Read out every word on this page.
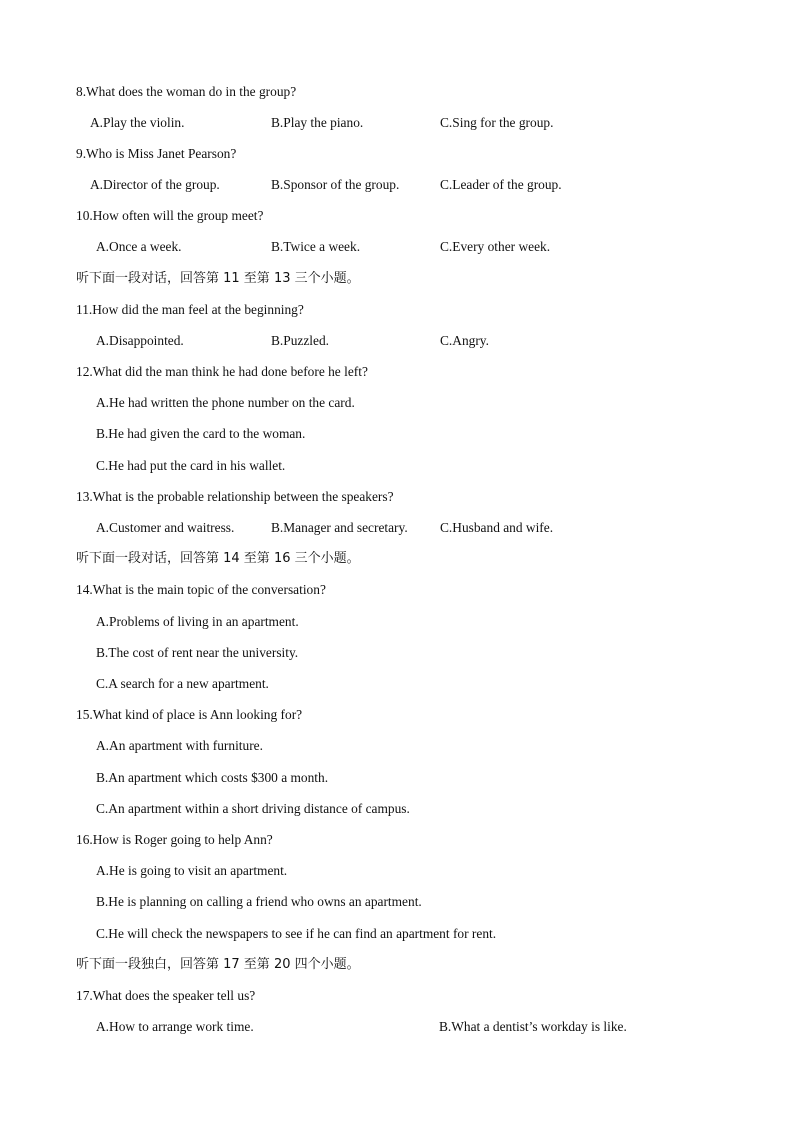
8.What does the woman do in the group?
A.Play the violin.	B.Play the piano.	C.Sing for the group.
9.Who is Miss Janet Pearson?
A.Director of the group.	B.Sponsor of the group.	C.Leader of the group.
10.How often will the group meet?
A.Once a week.	B.Twice a week.	C.Every other week.
听下面一段对话，回答第 11 至第 13 三个小题。
11.How did the man feel at the beginning?
A.Disappointed.	B.Puzzled.	C.Angry.
12.What did the man think he had done before he left?
A.He had written the phone number on the card.
B.He had given the card to the woman.
C.He had put the card in his wallet.
13.What is the probable relationship between the speakers?
A.Customer and waitress.	B.Manager and secretary. C.Husband and wife.
听下面一段对话，回答第 14 至第 16 三个小题。
14.What is the main topic of the conversation?
A.Problems of living in an apartment.
B.The cost of rent near the university.
C.A search for a new apartment.
15.What kind of place is Ann looking for?
A.An apartment with furniture.
B.An apartment which costs $300 a month.
C.An apartment within a short driving distance of campus.
16.How is Roger going to help Ann?
A.He is going to visit an apartment.
B.He is planning on calling a friend who owns an apartment.
C.He will check the newspapers to see if he can find an apartment for rent.
听下面一段独白，回答第 17 至第 20 四个小题。
17.What does the speaker tell us?
A.How to arrange work time.	B.What a dentist’s workday is like.
